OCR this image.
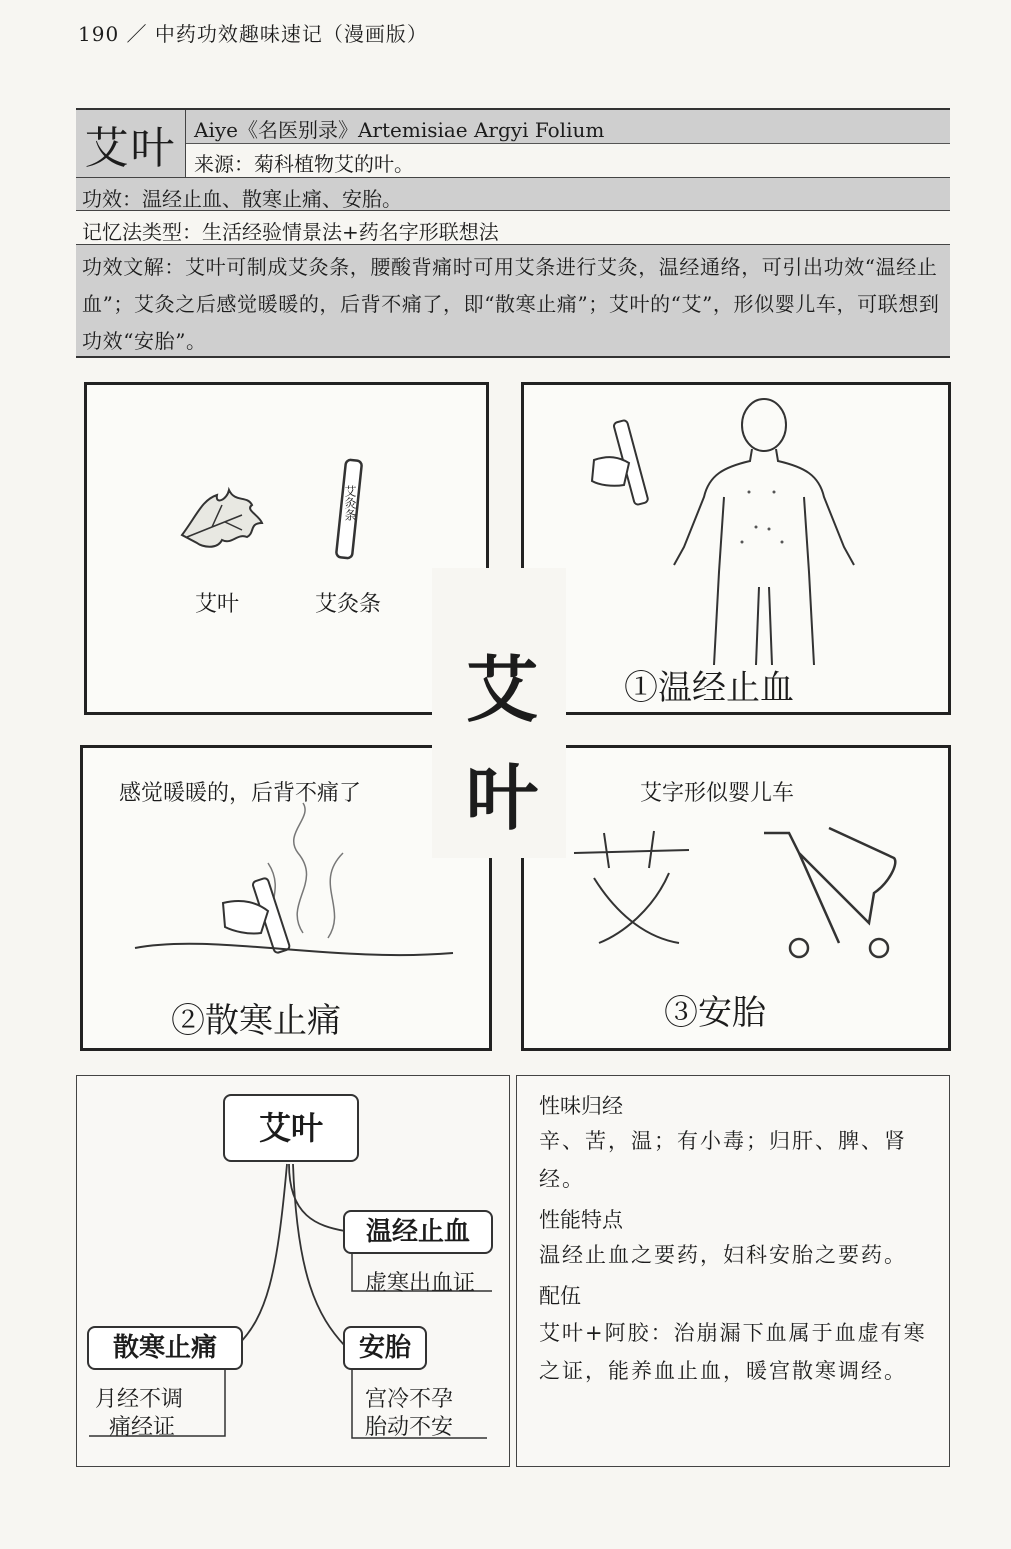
190 ／ 中药功效趣味速记（漫画版）
艾叶 Aiye《名医别录》Artemisiae Argyi Folium
来源：菊科植物艾的叶。
功效：温经止血、散寒止痛、安胎。
记忆法类型：生活经验情景法+药名字形联想法
功效文解：艾叶可制成艾灸条，腰酸背痛时可用艾条进行艾灸，温经通络，可引出功效“温经止血”；艾灸之后感觉暖暖的，后背不痛了，即“散寒止痛”；艾叶的“艾”，形似婴儿车，可联想到功效“安胎”。
艾灸条
艾叶	艾灸条
①温经止血
感觉暖暖的，后背不痛了
②散寒止痛
艾字形似婴儿车
③安胎
艾
叶
艾叶
温经止血
虚寒出血证
散寒止痛
月经不调
痛经证
安胎
宫冷不孕
胎动不安
性味归经
辛、苦，温；有小毒；归肝、脾、肾经。
性能特点
温经止血之要药，妇科安胎之要药。
配伍
艾叶+阿胶：治崩漏下血属于血虚有寒之证，能养血止血，暖宫散寒调经。
